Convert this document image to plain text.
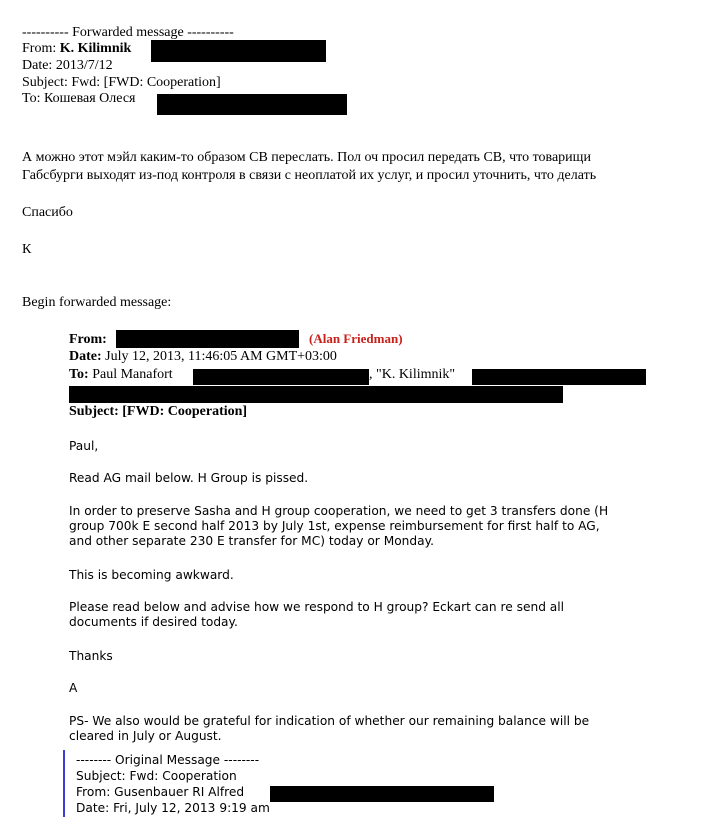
---------- Forwarded message ----------
From: K. Kilimnik
Date: 2013/7/12
Subject: Fwd: [FWD: Cooperation]
To: Кошевая Олеся
А можно этот мэйл каким-то образом СВ переслать. Пол оч просил передать СВ, что товарищи
Габсбурги выходят из-под контроля в связи с неоплатой их услуг, и просил уточнить, что делать
Спасибо
К
Begin forwarded message:
From:	(Alan Friedman)
Date: July 12, 2013, 11:46:05 AM GMT+03:00
To: Paul Manafort	, "K. Kilimnik"
Subject: [FWD: Cooperation]
Paul,
Read AG mail below. H Group is pissed.
In order to preserve Sasha and H group cooperation, we need to get 3 transfers done (H
group 700k E second half 2013 by July 1st, expense reimbursement for first half to AG,
and other separate 230 E transfer for MC) today or Monday.
This is becoming awkward.
Please read below and advise how we respond to H group? Eckart can re send all
documents if desired today.
Thanks
A
PS- We also would be grateful for indication of whether our remaining balance will be
cleared in July or August.
-------- Original Message --------
Subject: Fwd: Cooperation
From: Gusenbauer RI Alfred
Date: Fri, July 12, 2013 9:19 am
